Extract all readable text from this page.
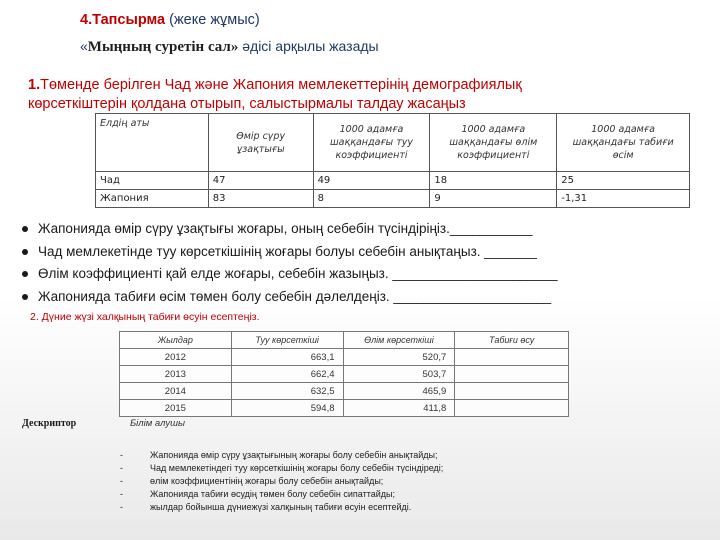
4.Тапсырма (жеке жұмыс)
«Мыңның суретін сал» әдісі арқылы жазады
1.Төменде берілген Чад және Жапония мемлекеттерінің демографиялық көрсеткіштерін қолдана отырып, салыстырмалы талдау жасаңыз
Елдің аты	Өмір сүру ұзақтығы	1000 адамға шаққандағы туу коэффициенті	1000 адамға шаққандағы өлім коэффициенті	1000 адамға шаққандағы табиғи өсім
Чад	47	49	18	25
Жапония	83	8	9	-1,31
Жапонияда өмір сүру ұзақтығы жоғары, оның себебін түсіндіріңіз.___________
Чад мемлекетінде туу көрсеткішінің жоғары болуы себебін анықтаңыз. _______
Өлім коэффициенті қай елде жоғары, себебін жазыңыз. ______________________
Жапонияда табиғи өсім төмен болу себебін дәлелдеңіз. _____________________
2. Дүние жүзі халқының табиғи өсуін есептеңіз.
Жылдар	Туу көрсеткіші	Өлім көрсеткіші	Табиғи өсу
2012	663,1	520,7	
2013	662,4	503,7	
2014	632,5	465,9	
2015	594,8	411,8	
Дескриптор	Білім алушы
-	Жапонияда өмір сүру ұзақтығының жоғары болу себебін анықтайды;
-	Чад мемлекетіндегі туу көрсеткішінің жоғары болу себебін түсіндіреді;
-	өлім коэффициентінің жоғары болу себебін анықтайды;
-	Жапонияда табиғи өсудің төмен болу себебін сипаттайды;
-	жылдар бойынша дүниежүзі халқының табиғи өсуін есептейді.
